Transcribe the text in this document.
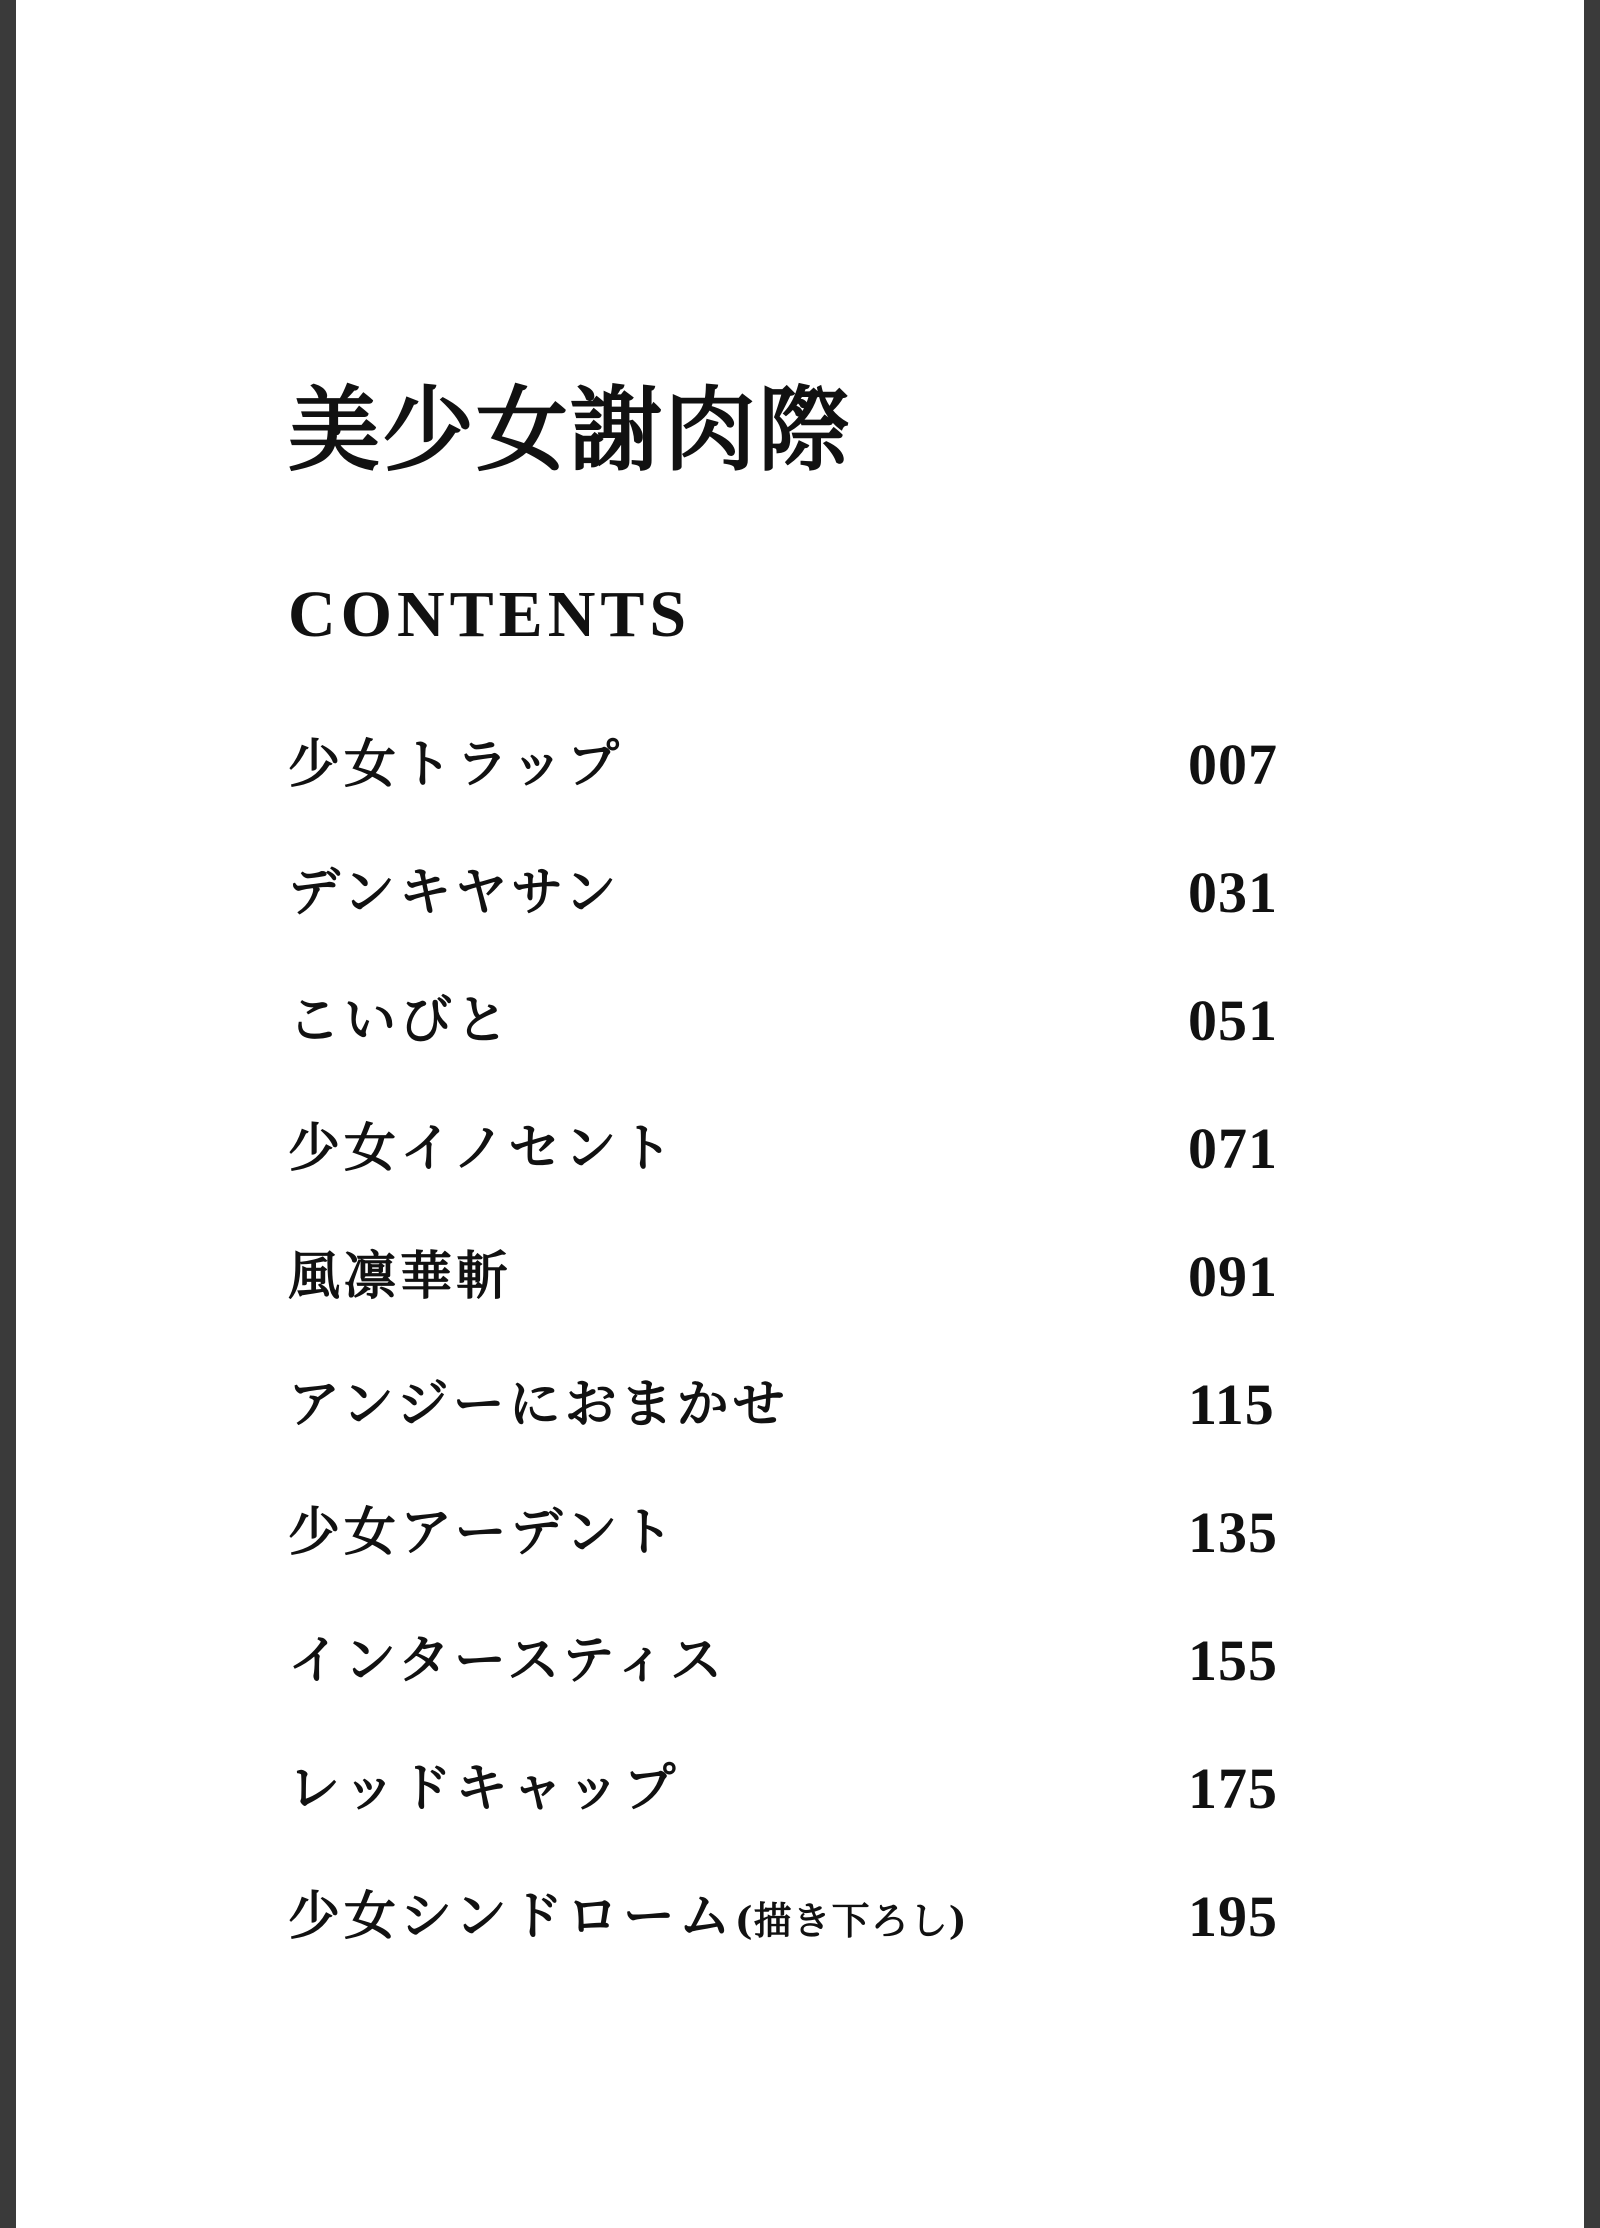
美少女謝肉際
CONTENTS
少女トラップ	007
デンキヤサン	031
こいびと	051
少女イノセント	071
風凛華斬	091
アンジーにおまかせ	115
少女アーデント	135
インタースティス	155
レッドキャップ	175
少女シンドローム(描き下ろし)	195
